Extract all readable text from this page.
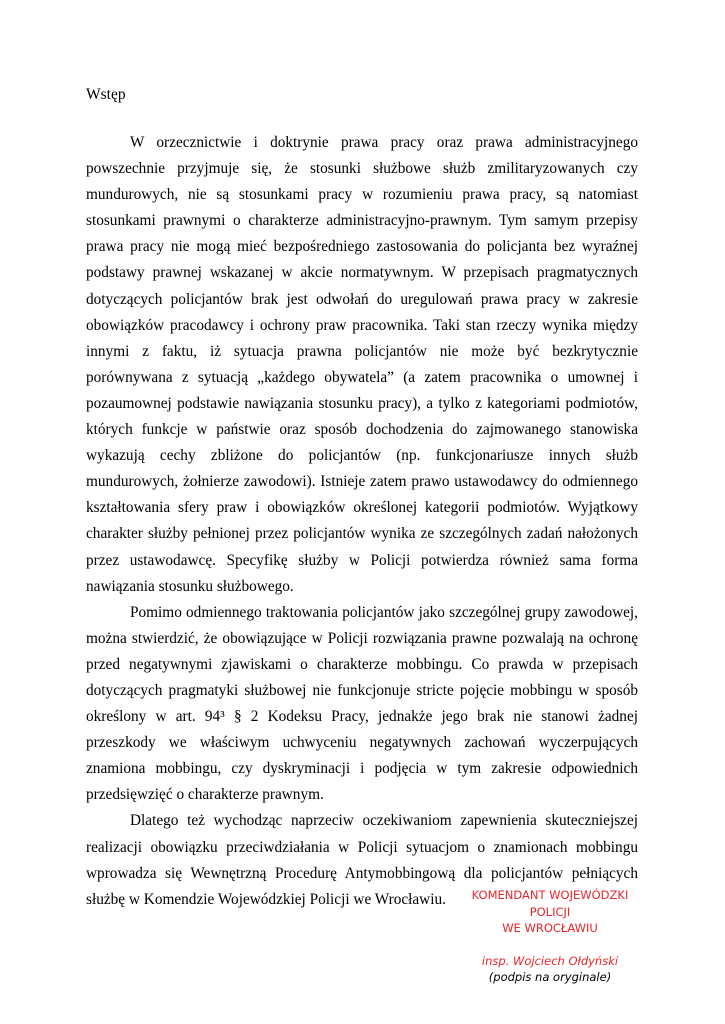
Wstęp

W orzecznictwie i doktrynie prawa pracy oraz prawa administracyjnego powszechnie przyjmuje się, że stosunki służbowe służb zmilitaryzowanych czy mundurowych, nie są stosunkami pracy w rozumieniu prawa pracy, są natomiast stosunkami prawnymi o charakterze administracyjno-prawnym. Tym samym przepisy prawa pracy nie mogą mieć bezpośredniego zastosowania do policjanta bez wyraźnej podstawy prawnej wskazanej w akcie normatywnym. W przepisach pragmatycznych dotyczących policjantów brak jest odwołań do uregulowań prawa pracy w zakresie obowiązków pracodawcy i ochrony praw pracownika. Taki stan rzeczy wynika między innymi z faktu, iż sytuacja prawna policjantów nie może być bezkrytycznie porównywana z sytuacją „każdego obywatela” (a zatem pracownika o umownej i pozaumownej podstawie nawiązania stosunku pracy), a tylko z kategoriami podmiotów, których funkcje w państwie oraz sposób dochodzenia do zajmowanego stanowiska wykazują cechy zbliżone do policjantów (np. funkcjonariusze innych służb mundurowych, żołnierze zawodowi). Istnieje zatem prawo ustawodawcy do odmiennego kształtowania sfery praw i obowiązków określonej kategorii podmiotów. Wyjątkowy charakter służby pełnionej przez policjantów wynika ze szczególnych zadań nałożonych przez ustawodawcę. Specyfikę służby w Policji potwierdza również sama forma nawiązania stosunku służbowego.

Pomimo odmiennego traktowania policjantów jako szczególnej grupy zawodowej, można stwierdzić, że obowiązujące w Policji rozwiązania prawne pozwalają na ochronę przed negatywnymi zjawiskami o charakterze mobbingu. Co prawda w przepisach dotyczących pragmatyki służbowej nie funkcjonuje stricte pojęcie mobbingu w sposób określony w art. 94³ § 2 Kodeksu Pracy, jednakże jego brak nie stanowi żadnej przeszkody we właściwym uchwyceniu negatywnych zachowań wyczerpujących znamiona mobbingu, czy dyskryminacji i podjęcia w tym zakresie odpowiednich przedsięwzięć o charakterze prawnym.

Dlatego też wychodząc naprzeciw oczekiwaniom zapewnienia skuteczniejszej realizacji obowiązku przeciwdziałania w Policji sytuacjom o znamionach mobbingu wprowadza się Wewnętrzną Procedurę Antymobbingową dla policjantów pełniących służbę w Komendzie Wojewódzkiej Policji we Wrocławiu.	KOMENDANT WOJEWÓDZKI
POLICJI
WE WROCŁAWIU
insp. Wojciech Ołdyński
(podpis na oryginale)
